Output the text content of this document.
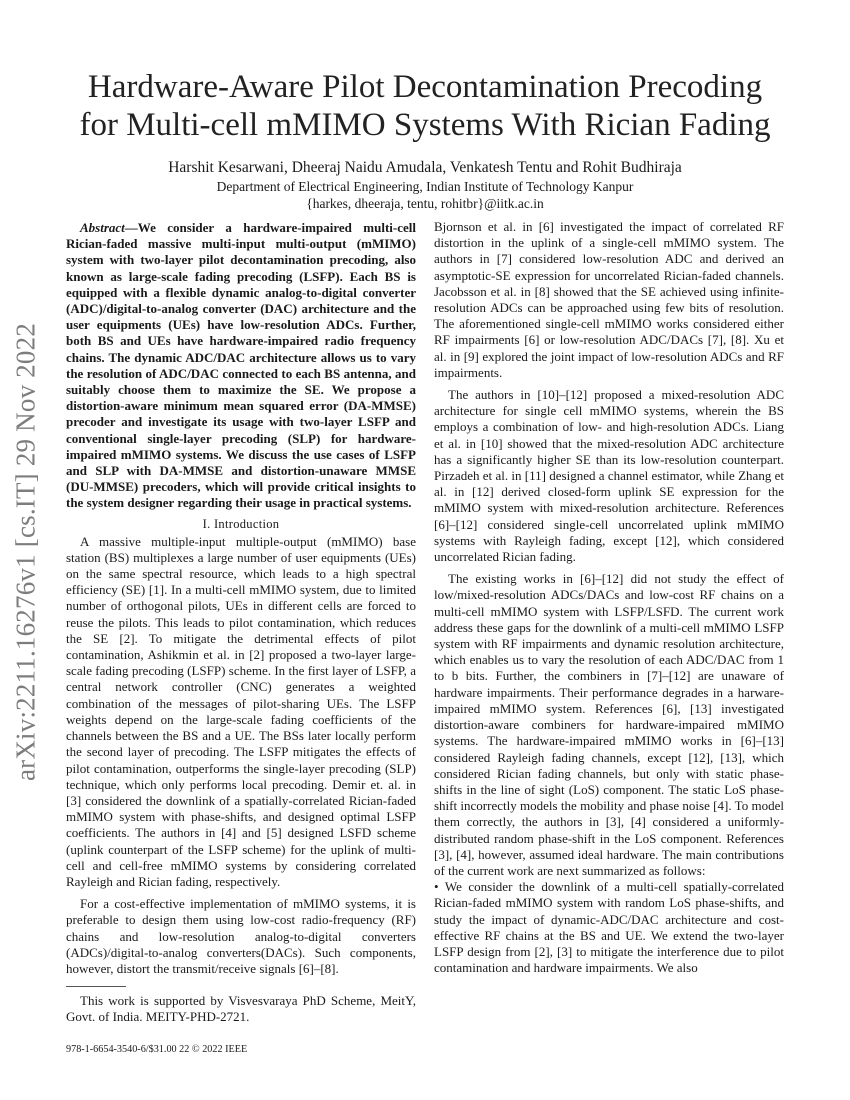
arXiv:2211.16276v1 [cs.IT] 29 Nov 2022
Hardware-Aware Pilot Decontamination Precoding
for Multi-cell mMIMO Systems With Rician Fading
Harshit Kesarwani, Dheeraj Naidu Amudala, Venkatesh Tentu and Rohit Budhiraja
Department of Electrical Engineering, Indian Institute of Technology Kanpur
{harkes, dheeraja, tentu, rohitbr}@iitk.ac.in

Abstract—We consider a hardware-impaired multi-cell Rician-faded massive multi-input multi-output (mMIMO) system with two-layer pilot decontamination precoding, also known as large-scale fading precoding (LSFP). Each BS is equipped with a flexible dynamic analog-to-digital converter (ADC)/digital-to-analog converter (DAC) architecture and the user equipments (UEs) have low-resolution ADCs. Further, both BS and UEs have hardware-impaired radio frequency chains. The dynamic ADC/DAC architecture allows us to vary the resolution of ADC/DAC connected to each BS antenna, and suitably choose them to maximize the SE. We propose a distortion-aware minimum mean squared error (DA-MMSE) precoder and investigate its usage with two-layer LSFP and conventional single-layer precoding (SLP) for hardware-impaired mMIMO systems. We discuss the use cases of LSFP and SLP with DA-MMSE and distortion-unaware MMSE (DU-MMSE) precoders, which will provide critical insights to the system designer regarding their usage in practical systems.

I. Introduction

A massive multiple-input multiple-output (mMIMO) base station (BS) multiplexes a large number of user equipments (UEs) on the same spectral resource, which leads to a high spectral efficiency (SE) [1]. In a multi-cell mMIMO system, due to limited number of orthogonal pilots, UEs in different cells are forced to reuse the pilots. This leads to pilot contamination, which reduces the SE [2]. To mitigate the detrimental effects of pilot contamination, Ashikmin et al. in [2] proposed a two-layer large-scale fading precoding (LSFP) scheme. In the first layer of LSFP, a central network controller (CNC) generates a weighted combination of the messages of pilot-sharing UEs. The LSFP weights depend on the large-scale fading coefficients of the channels between the BS and a UE. The BSs later locally perform the second layer of precoding. The LSFP mitigates the effects of pilot contamination, outperforms the single-layer precoding (SLP) technique, which only performs local precoding. Demir et. al. in [3] considered the downlink of a spatially-correlated Rician-faded mMIMO system with phase-shifts, and designed optimal LSFP coefficients. The authors in [4] and [5] designed LSFD scheme (uplink counterpart of the LSFP scheme) for the uplink of multi-cell and cell-free mMIMO systems by considering correlated Rayleigh and Rician fading, respectively.

For a cost-effective implementation of mMIMO systems, it is preferable to design them using low-cost radio-frequency (RF) chains and low-resolution analog-to-digital converters (ADCs)/digital-to-analog converters(DACs). Such components, however, distort the transmit/receive signals [6]–[8].

This work is supported by Visvesvaraya PhD Scheme, MeitY, Govt. of India. MEITY-PHD-2721.

978-1-6654-3540-6/$31.00 22 © 2022 IEEE

Bjornson et al. in [6] investigated the impact of correlated RF distortion in the uplink of a single-cell mMIMO system. The authors in [7] considered low-resolution ADC and derived an asymptotic-SE expression for uncorrelated Rician-faded channels. Jacobsson et al. in [8] showed that the SE achieved using infinite-resolution ADCs can be approached using few bits of resolution. The aforementioned single-cell mMIMO works considered either RF impairments [6] or low-resolution ADC/DACs [7], [8]. Xu et al. in [9] explored the joint impact of low-resolution ADCs and RF impairments.

The authors in [10]–[12] proposed a mixed-resolution ADC architecture for single cell mMIMO systems, wherein the BS employs a combination of low- and high-resolution ADCs. Liang et al. in [10] showed that the mixed-resolution ADC architecture has a significantly higher SE than its low-resolution counterpart. Pirzadeh et al. in [11] designed a channel estimator, while Zhang et al. in [12] derived closed-form uplink SE expression for the mMIMO system with mixed-resolution architecture. References [6]–[12] considered single-cell uncorrelated uplink mMIMO systems with Rayleigh fading, except [12], which considered uncorrelated Rician fading.

The existing works in [6]–[12] did not study the effect of low/mixed-resolution ADCs/DACs and low-cost RF chains on a multi-cell mMIMO system with LSFP/LSFD. The current work address these gaps for the downlink of a multi-cell mMIMO LSFP system with RF impairments and dynamic resolution architecture, which enables us to vary the resolution of each ADC/DAC from 1 to b bits. Further, the combiners in [7]–[12] are unaware of hardware impairments. Their performance degrades in a harware-impaired mMIMO system. References [6], [13] investigated distortion-aware combiners for hardware-impaired mMIMO systems. The hardware-impaired mMIMO works in [6]–[13] considered Rayleigh fading channels, except [12], [13], which considered Rician fading channels, but only with static phase-shifts in the line of sight (LoS) component. The static LoS phase-shift incorrectly models the mobility and phase noise [4]. To model them correctly, the authors in [3], [4] considered a uniformly-distributed random phase-shift in the LoS component. References [3], [4], however, assumed ideal hardware. The main contributions of the current work are next summarized as follows:

• We consider the downlink of a multi-cell spatially-correlated Rician-faded mMIMO system with random LoS phase-shifts, and study the impact of dynamic-ADC/DAC architecture and cost-effective RF chains at the BS and UE. We extend the two-layer LSFP design from [2], [3] to mitigate the interference due to pilot contamination and hardware impairments. We also
